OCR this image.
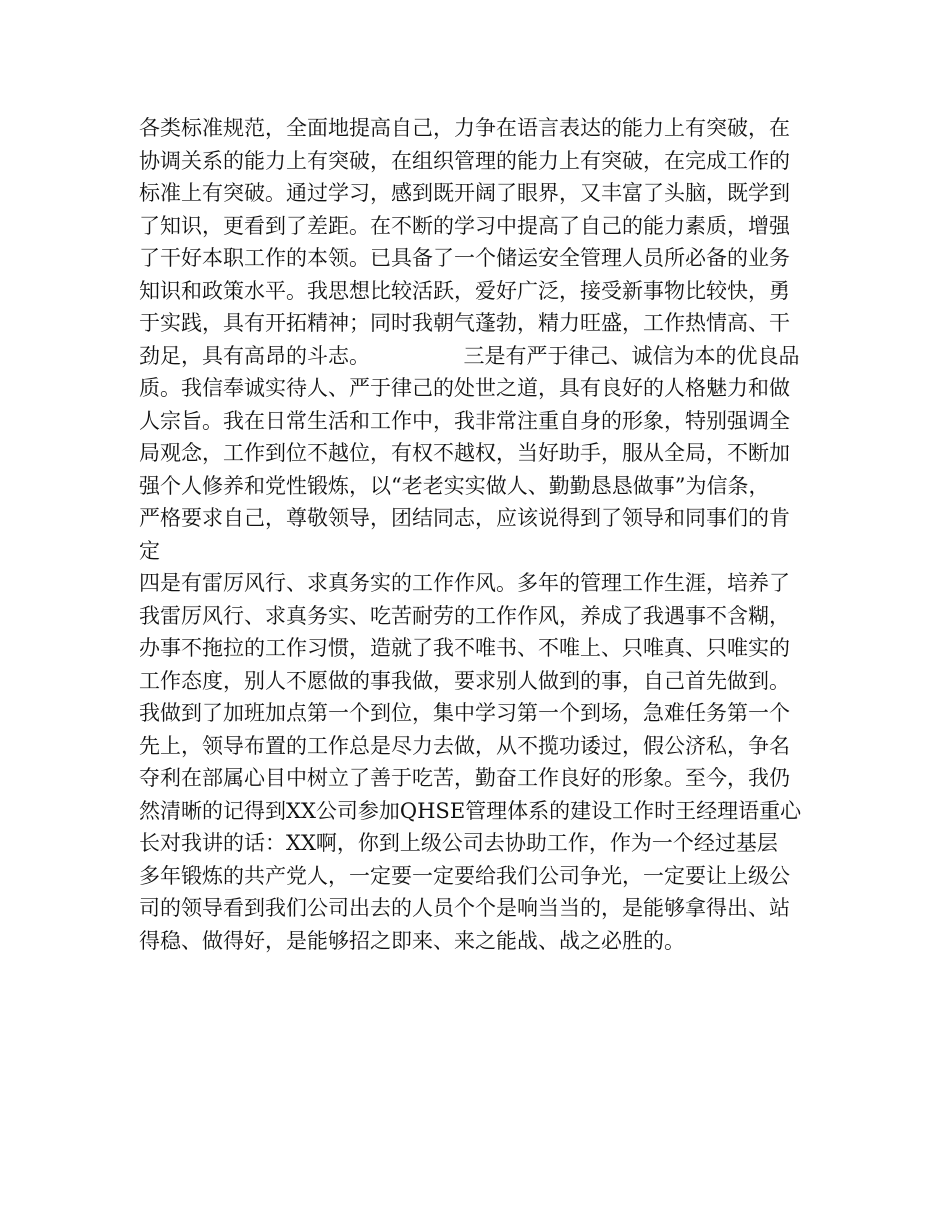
各类标准规范，全面地提高自己，力争在语言表达的能力上有突破，在
协调关系的能力上有突破，在组织管理的能力上有突破，在完成工作的
标准上有突破。通过学习，感到既开阔了眼界，又丰富了头脑，既学到
了知识，更看到了差距。在不断的学习中提高了自己的能力素质，增强
了干好本职工作的本领。已具备了一个储运安全管理人员所必备的业务
知识和政策水平。我思想比较活跃，爱好广泛，接受新事物比较快，勇
于实践，具有开拓精神；同时我朝气蓬勃，精力旺盛，工作热情高、干
劲足，具有高昂的斗志。              三是有严于律己、诚信为本的优良品
质。我信奉诚实待人、严于律己的处世之道，具有良好的人格魅力和做
人宗旨。我在日常生活和工作中，我非常注重自身的形象，特别强调全
局观念，工作到位不越位，有权不越权，当好助手，服从全局，不断加
强个人修养和党性锻炼，以“老老实实做人、勤勤恳恳做事”为信条，
严格要求自己，尊敬领导，团结同志，应该说得到了领导和同事们的肯
定
四是有雷厉风行、求真务实的工作作风。多年的管理工作生涯，培养了
我雷厉风行、求真务实、吃苦耐劳的工作作风，养成了我遇事不含糊，
办事不拖拉的工作习惯，造就了我不唯书、不唯上、只唯真、只唯实的
工作态度，别人不愿做的事我做，要求别人做到的事，自己首先做到。
我做到了加班加点第一个到位，集中学习第一个到场，急难任务第一个
先上，领导布置的工作总是尽力去做，从不揽功诿过，假公济私，争名
夺利在部属心目中树立了善于吃苦，勤奋工作良好的形象。至今，我仍
然清晰的记得到XX公司参加QHSE管理体系的建设工作时王经理语重心
长对我讲的话：XX啊，你到上级公司去协助工作，作为一个经过基层
多年锻炼的共产党人，一定要一定要给我们公司争光，一定要让上级公
司的领导看到我们公司出去的人员个个是响当当的，是能够拿得出、站
得稳、做得好，是能够招之即来、来之能战、战之必胜的。
